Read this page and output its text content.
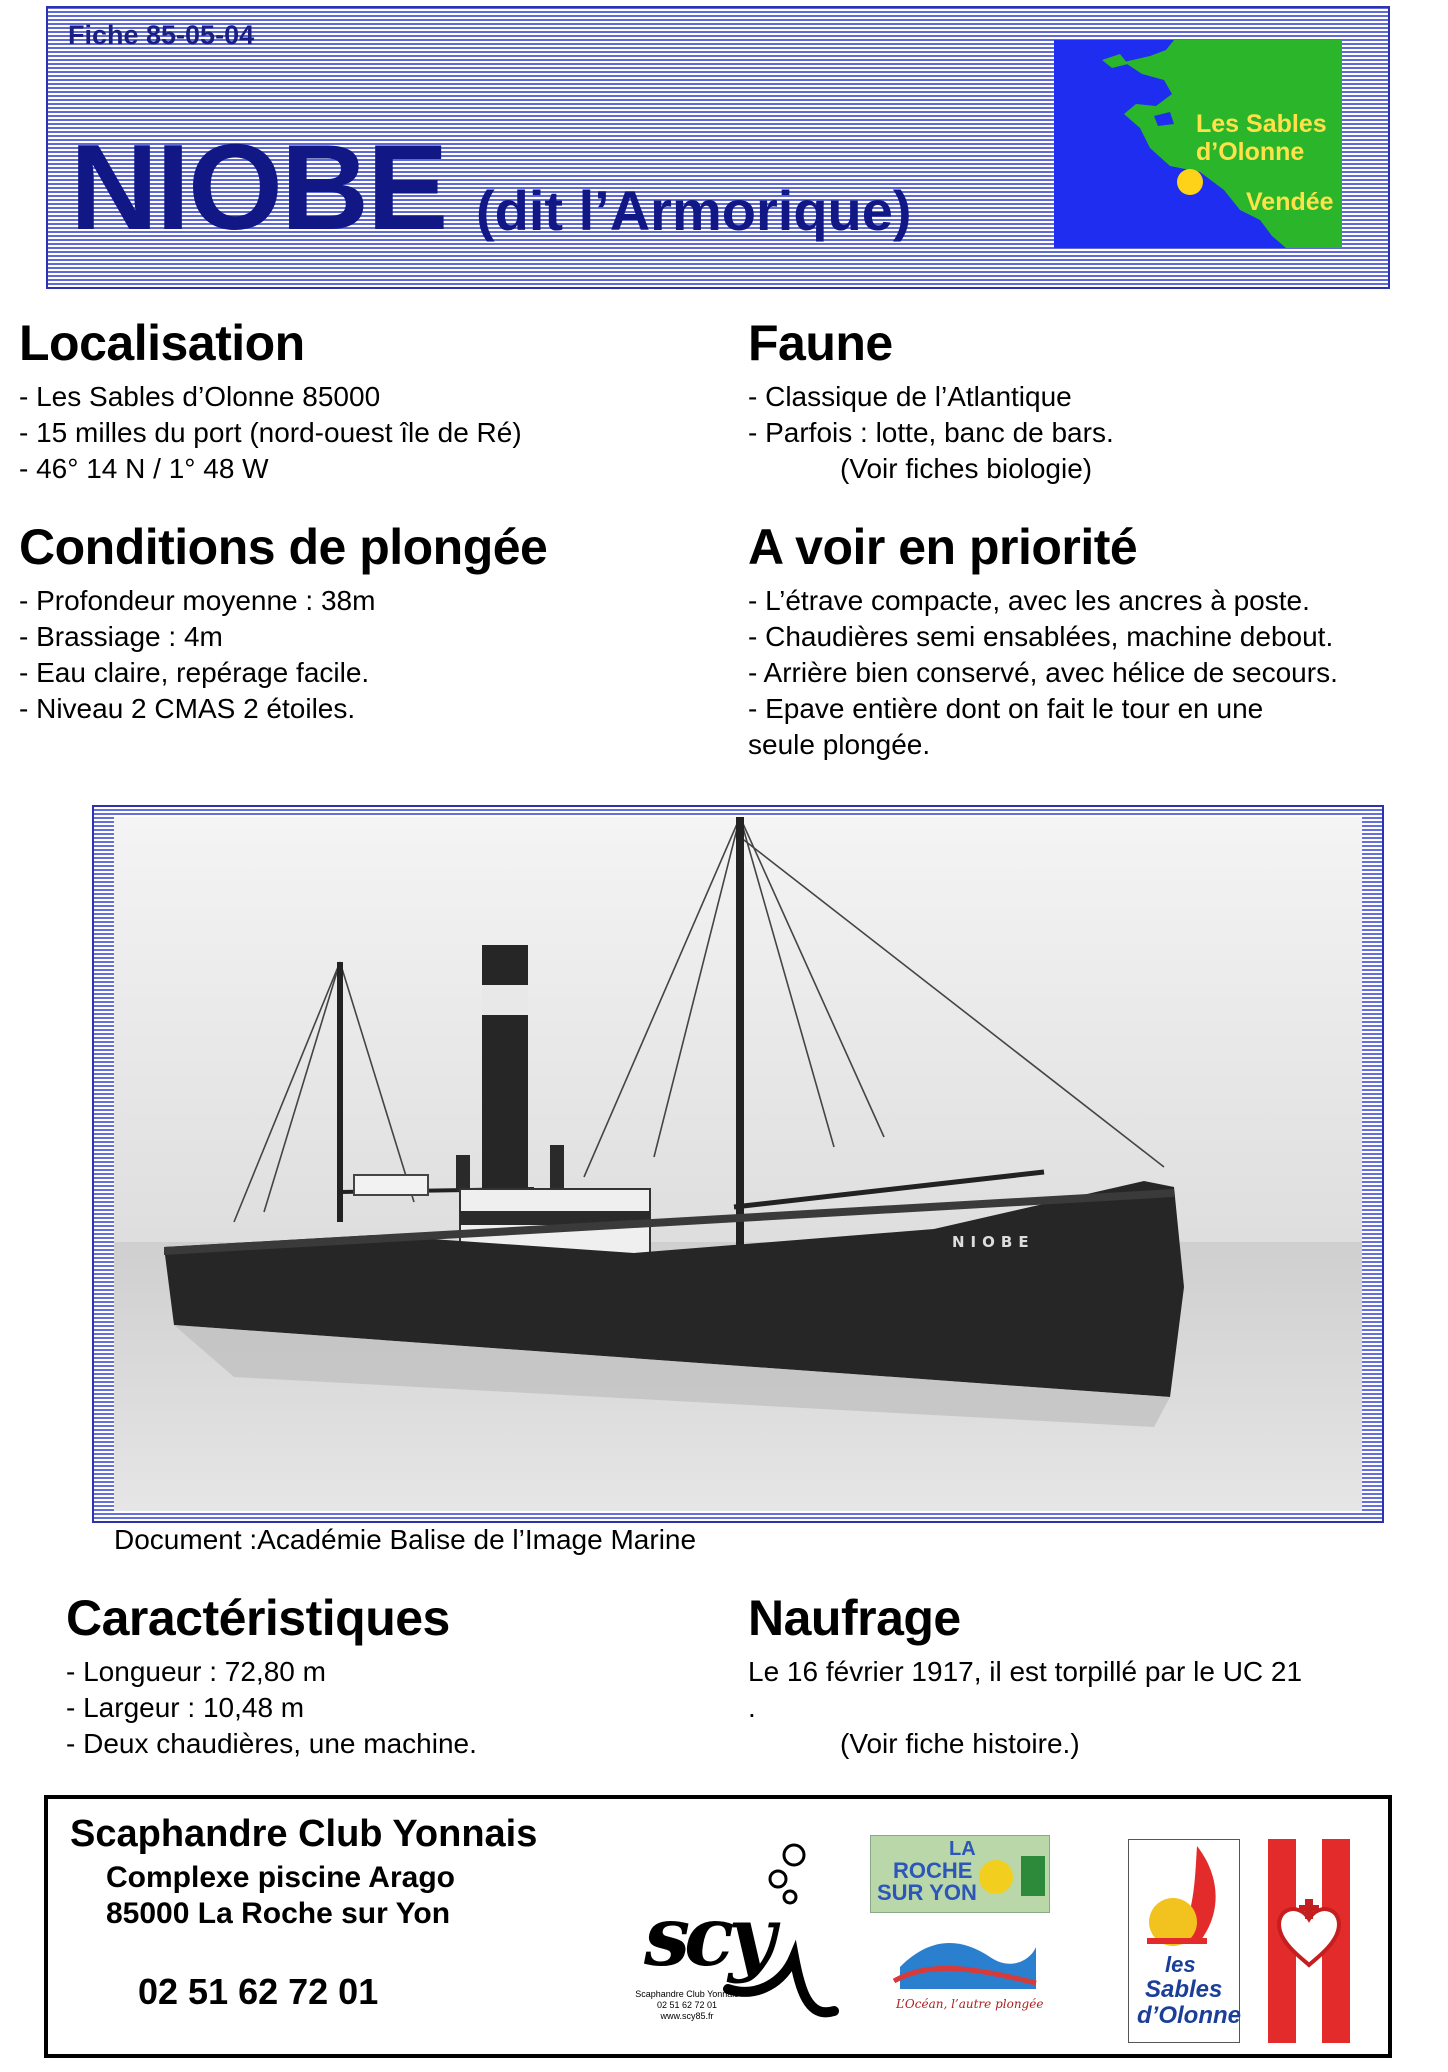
Fiche 85-05-04
NIOBE (dit l’Armorique)
Les Sables
d’Olonne
Vendée
Localisation
- Les Sables d’Olonne 85000
- 15 milles du port (nord-ouest île de Ré)
- 46° 14 N / 1° 48 W
Faune
- Classique de l’Atlantique
- Parfois : lotte, banc de bars.
(Voir fiches biologie)
Conditions de plongée
- Profondeur moyenne : 38m
- Brassiage : 4m
- Eau claire, repérage facile.
- Niveau 2 CMAS 2 étoiles.
A voir en priorité
- L’étrave compacte, avec les ancres à poste.
- Chaudières semi ensablées, machine debout.
- Arrière bien conservé, avec hélice de secours.
- Epave entière dont on fait le tour en une
seule plongée.
NIOBE
Document :Académie Balise de l’Image Marine
Caractéristiques
- Longueur : 72,80 m
- Largeur : 10,48 m
- Deux chaudières, une machine.
Naufrage
Le 16 février 1917, il est torpillé par le UC 21
.
(Voir fiche histoire.)
Scaphandre Club Yonnais
Complexe piscine Arago
85000 La Roche sur Yon
02 51 62 72 01
scy
Scaphandre Club Yonnais
02 51 62 72 01
www.scy85.fr
LA
ROCHE
SUR YON
L’Océan, l’autre plongée
les
Sables
d’Olonne
